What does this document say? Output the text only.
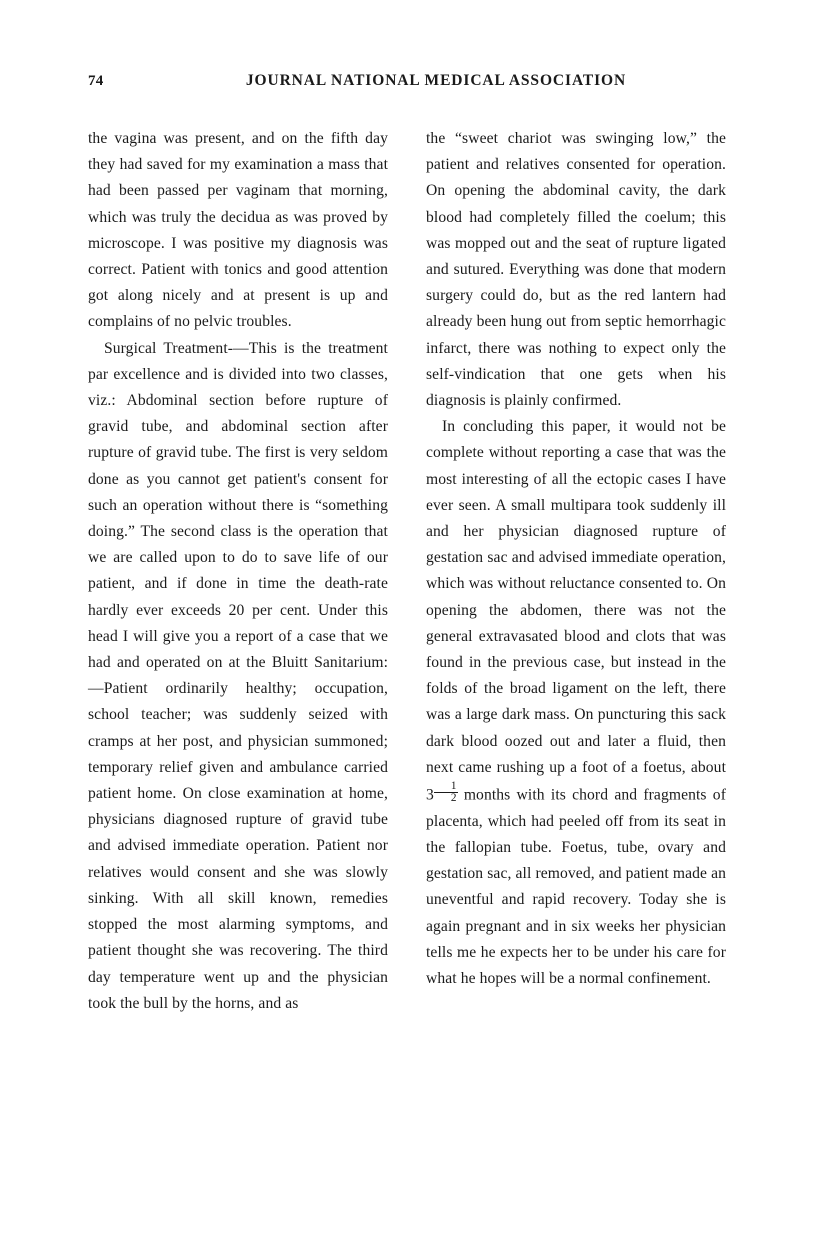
74	JOURNAL NATIONAL MEDICAL ASSOCIATION

the vagina was present, and on the fifth day they had saved for my examination a mass that had been passed per vaginam that morning, which was truly the decidua as was proved by microscope. I was positive my diagnosis was correct. Patient with tonics and good attention got along nicely and at present is up and complains of no pelvic troubles.

Surgical Treatment-—This is the treatment par excellence and is divided into two classes, viz.: Abdominal section before rupture of gravid tube, and abdominal section after rupture of gravid tube. The first is very seldom done as you cannot get patient's consent for such an operation without there is “something doing.” The second class is the operation that we are called upon to do to save life of our patient, and if done in time the death-rate hardly ever exceeds 20 per cent. Under this head I will give you a report of a case that we had and operated on at the Bluitt Sanitarium:—Patient ordinarily healthy; occupation, school teacher; was suddenly seized with cramps at her post, and physician summoned; temporary relief given and ambulance carried patient home. On close examination at home, physicians diagnosed rupture of gravid tube and advised immediate operation. Patient nor relatives would consent and she was slowly sinking. With all skill known, remedies stopped the most alarming symptoms, and patient thought she was recovering. The third day temperature went up and the physician took the bull by the horns, and as

the “sweet chariot was swinging low,” the patient and relatives consented for operation. On opening the abdominal cavity, the dark blood had completely filled the coelum; this was mopped out and the seat of rupture ligated and sutured. Everything was done that modern surgery could do, but as the red lantern had already been hung out from septic hemorrhagic infarct, there was nothing to expect only the self-vindication that one gets when his diagnosis is plainly confirmed.

In concluding this paper, it would not be complete without reporting a case that was the most interesting of all the ectopic cases I have ever seen. A small multipara took suddenly ill and her physician diagnosed rupture of gestation sac and advised immediate operation, which was without reluctance consented to. On opening the abdomen, there was not the general extravasated blood and clots that was found in the previous case, but instead in the folds of the broad ligament on the left, there was a large dark mass. On puncturing this sack dark blood oozed out and later a fluid, then next came rushing up a foot of a foetus, about $3 \frac{1}{2}$ months with its chord and fragments of placenta, which had peeled off from its seat in the fallopian tube. Foetus, tube, ovary and gestation sac, all removed, and patient made an uneventful and rapid recovery. Today she is again pregnant and in six weeks her physician tells me he expects her to be under his care for what he hopes will be a normal confinement.
